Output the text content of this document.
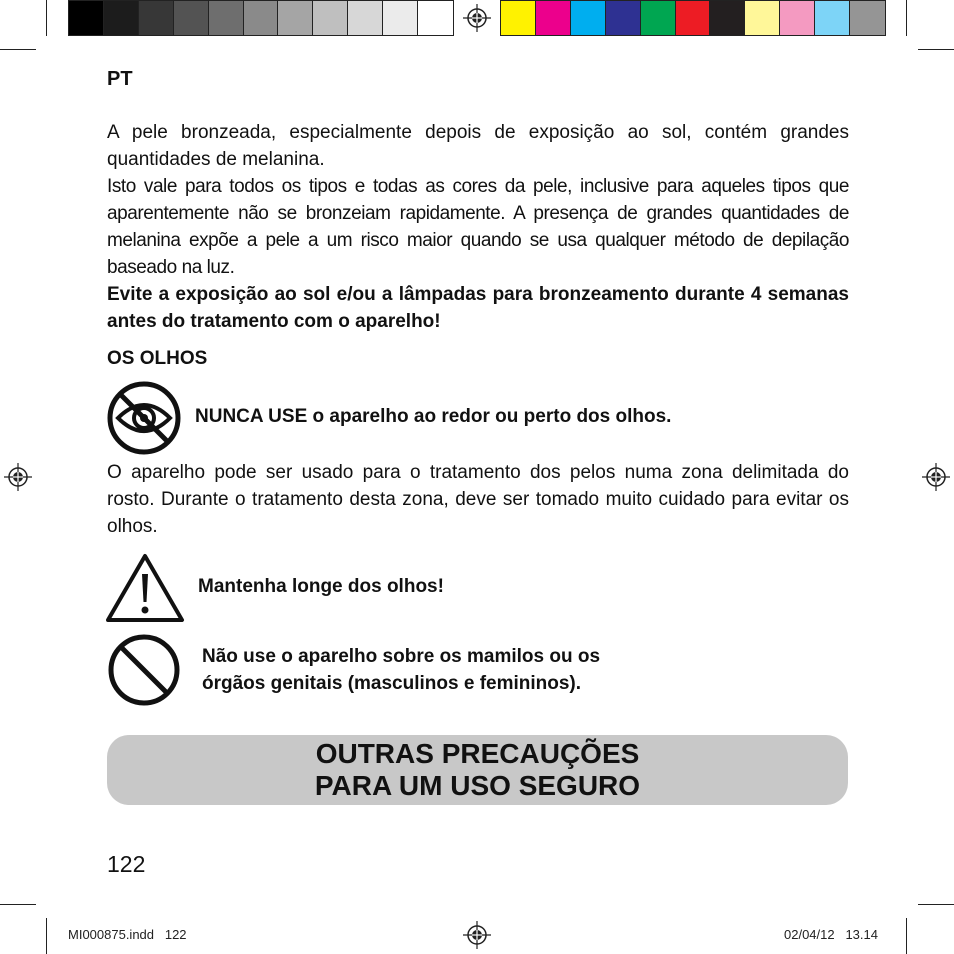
PT
A pele bronzeada, especialmente depois de exposição ao sol, contém grandes quantidades de melanina.
Isto vale para todos os tipos e todas as cores da pele, inclusive para aqueles tipos que aparentemente não se bronzeiam rapidamente. A presença de grandes quantidades de melanina expõe a pele a um risco maior quando se usa qualquer método de depilação baseado na luz.
Evite a exposição ao sol e/ou a lâmpadas para bronzeamento durante 4 semanas antes do tratamento com o aparelho!
OS OLHOS
NUNCA USE o aparelho ao redor ou perto dos olhos.
O aparelho pode ser usado para o tratamento dos pelos numa zona delimitada do rosto. Durante o tratamento desta zona, deve ser tomado muito cuidado para evitar os olhos.
Mantenha longe dos olhos!
Não use o aparelho sobre os mamilos ou os
órgãos genitais (masculinos e femininos).
OUTRAS PRECAUÇÕES
PARA UM USO SEGURO
122
MI000875.indd   122	02/04/12   13.14
